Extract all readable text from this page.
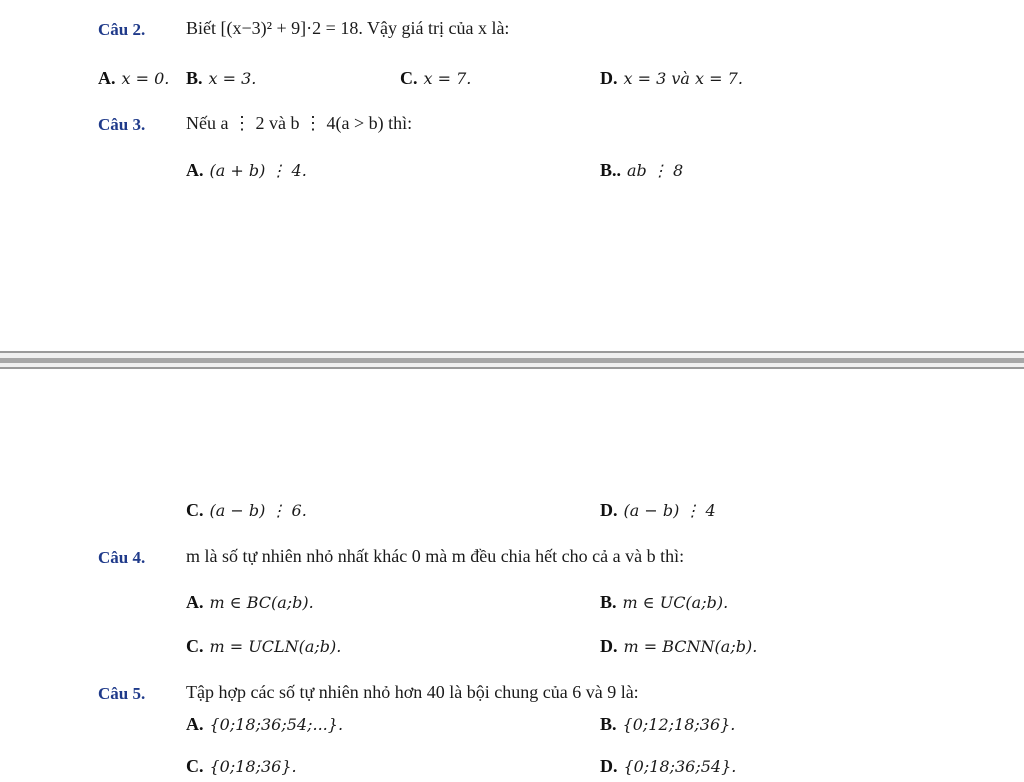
Câu 2. Biết [(x−3)² + 9]·2 = 18. Vậy giá trị của x là:
A. x = 0. B. x = 3.	C. x = 7.	D. x = 3 và x = 7.
Câu 3. Nếu a ⋮ 2 và b ⋮ 4(a > b) thì:
A. (a + b) ⋮ 4.	B.. ab ⋮ 8
C. (a − b) ⋮ 6.	D. (a − b) ⋮ 4
Câu 4. m là số tự nhiên nhỏ nhất khác 0 mà m đều chia hết cho cả a và b thì:
A. m ∈ BC(a;b).	B. m ∈ UC(a;b).
C. m = UCLN(a;b).	D. m = BCNN(a;b).
Câu 5. Tập hợp các số tự nhiên nhỏ hơn 40 là bội chung của 6 và 9 là:
A. {0;18;36;54;...}.	B. {0;12;18;36}.
C. {0;18;36}.	D. {0;18;36;54}.
